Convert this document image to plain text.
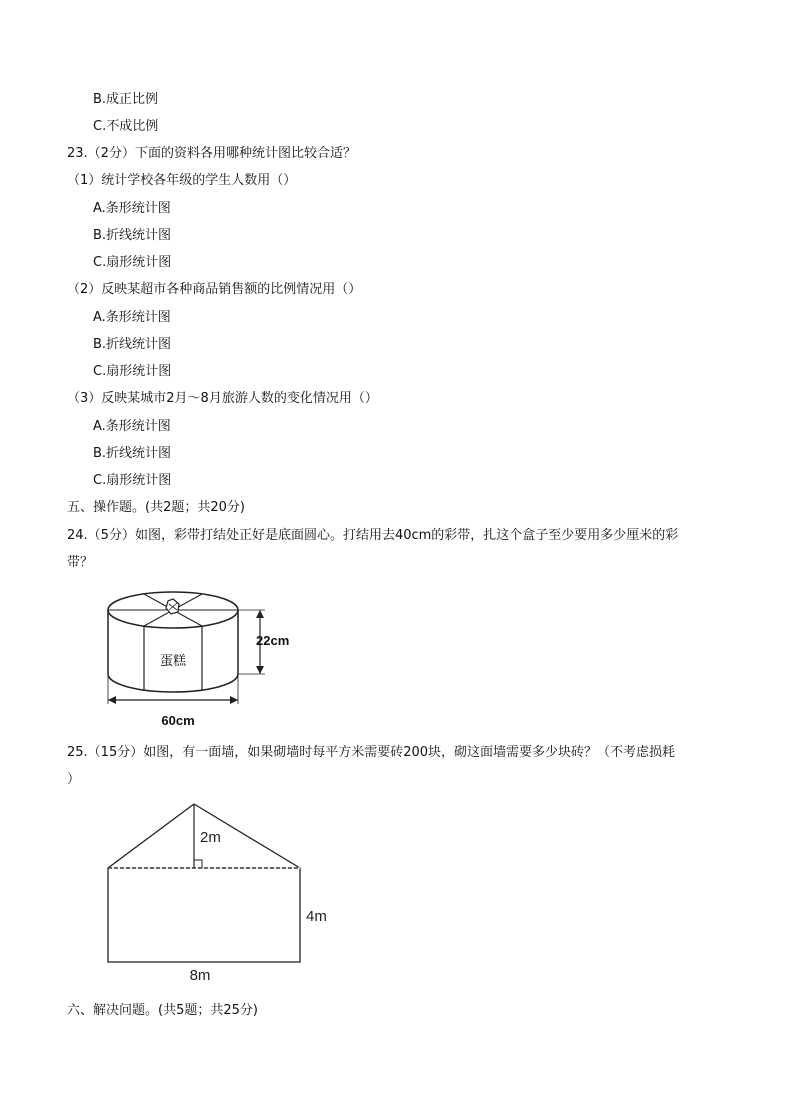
B.成正比例
C.不成比例
23.（2分）下面的资料各用哪种统计图比较合适？
（1）统计学校各年级的学生人数用（）
A.条形统计图
B.折线统计图
C.扇形统计图
（2）反映某超市各种商品销售额的比例情况用（）
A.条形统计图
B.折线统计图
C.扇形统计图
（3）反映某城市2月～8月旅游人数的变化情况用（）
A.条形统计图
B.折线统计图
C.扇形统计图
五、操作题。(共2题；共20分)
24.（5分）如图，彩带打结处正好是底面圆心。打结用去40cm的彩带，扎这个盒子至少要用多少厘米的彩
带？
蛋糕
22cm
60cm
25.（15分）如图，有一面墙，如果砌墙时每平方米需要砖200块，砌这面墙需要多少块砖？（不考虑损耗
）
2m
4m
8m
六、解决问题。(共5题；共25分)
